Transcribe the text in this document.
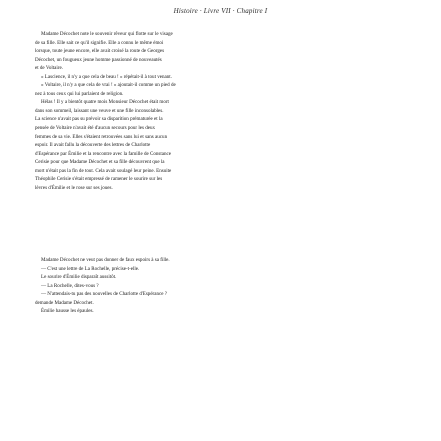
Histoire · Livre VII · Chapitre I
Madame Décochet note le souvenir rêveur qui flotte sur le visage
de sa fille. Elle sait ce qu'il signifie. Elle a connu le même émoi
lorsque, toute jeune encore, elle avait croisé la route de Georges
Décochet, un fougueux jeune homme passionné de nouveautés
et de Voltaire.
« Lascience, il n'y a que cela de beau ! » répétait-il à tout venant.
« Voltaire, il n'y a que cela de vrai ! » ajoutait-il comme un pied de
nez à tous ceux qui lui parlaient de religion.
Hélas ! Il y a bientôt quatre mois Monsieur Décochet était mort
dans son sommeil, laissant une veuve et une fille inconsolables.
La science n'avait pas su prévoir sa disparition prématurée et la
pensée de Voltaire n'avait été d'aucun secours pour les deux
femmes de sa vie. Elles s'étaient retrouvées sans lui et sans aucun
espoir. Il avait fallu la découverte des lettres de Charlotte
d'Espérance par Émilie et la rencontre avec la famille de Constance
Cerisie pour que Madame Décochet et sa fille découvrent que la
mort n'était pas la fin de tout. Cela avait soulagé leur peine. Ensuite
Théophile Cerisie s'était empressé de ramener le sourire sur les
lèvres d'Émilie et le rose sur ses joues.
Madame Décochet ne veut pas donner de faux espoirs à sa fille.
— C'est une lettre de La Rochelle, précise-t-elle.
Le sourire d'Émilie disparaît aussitôt.
— La Rochelle, dites-vous ?
— N'attendais-tu pas des nouvelles de Charlotte d'Espérance ?
demande Madame Décochet.
Émilie hausse les épaules.
